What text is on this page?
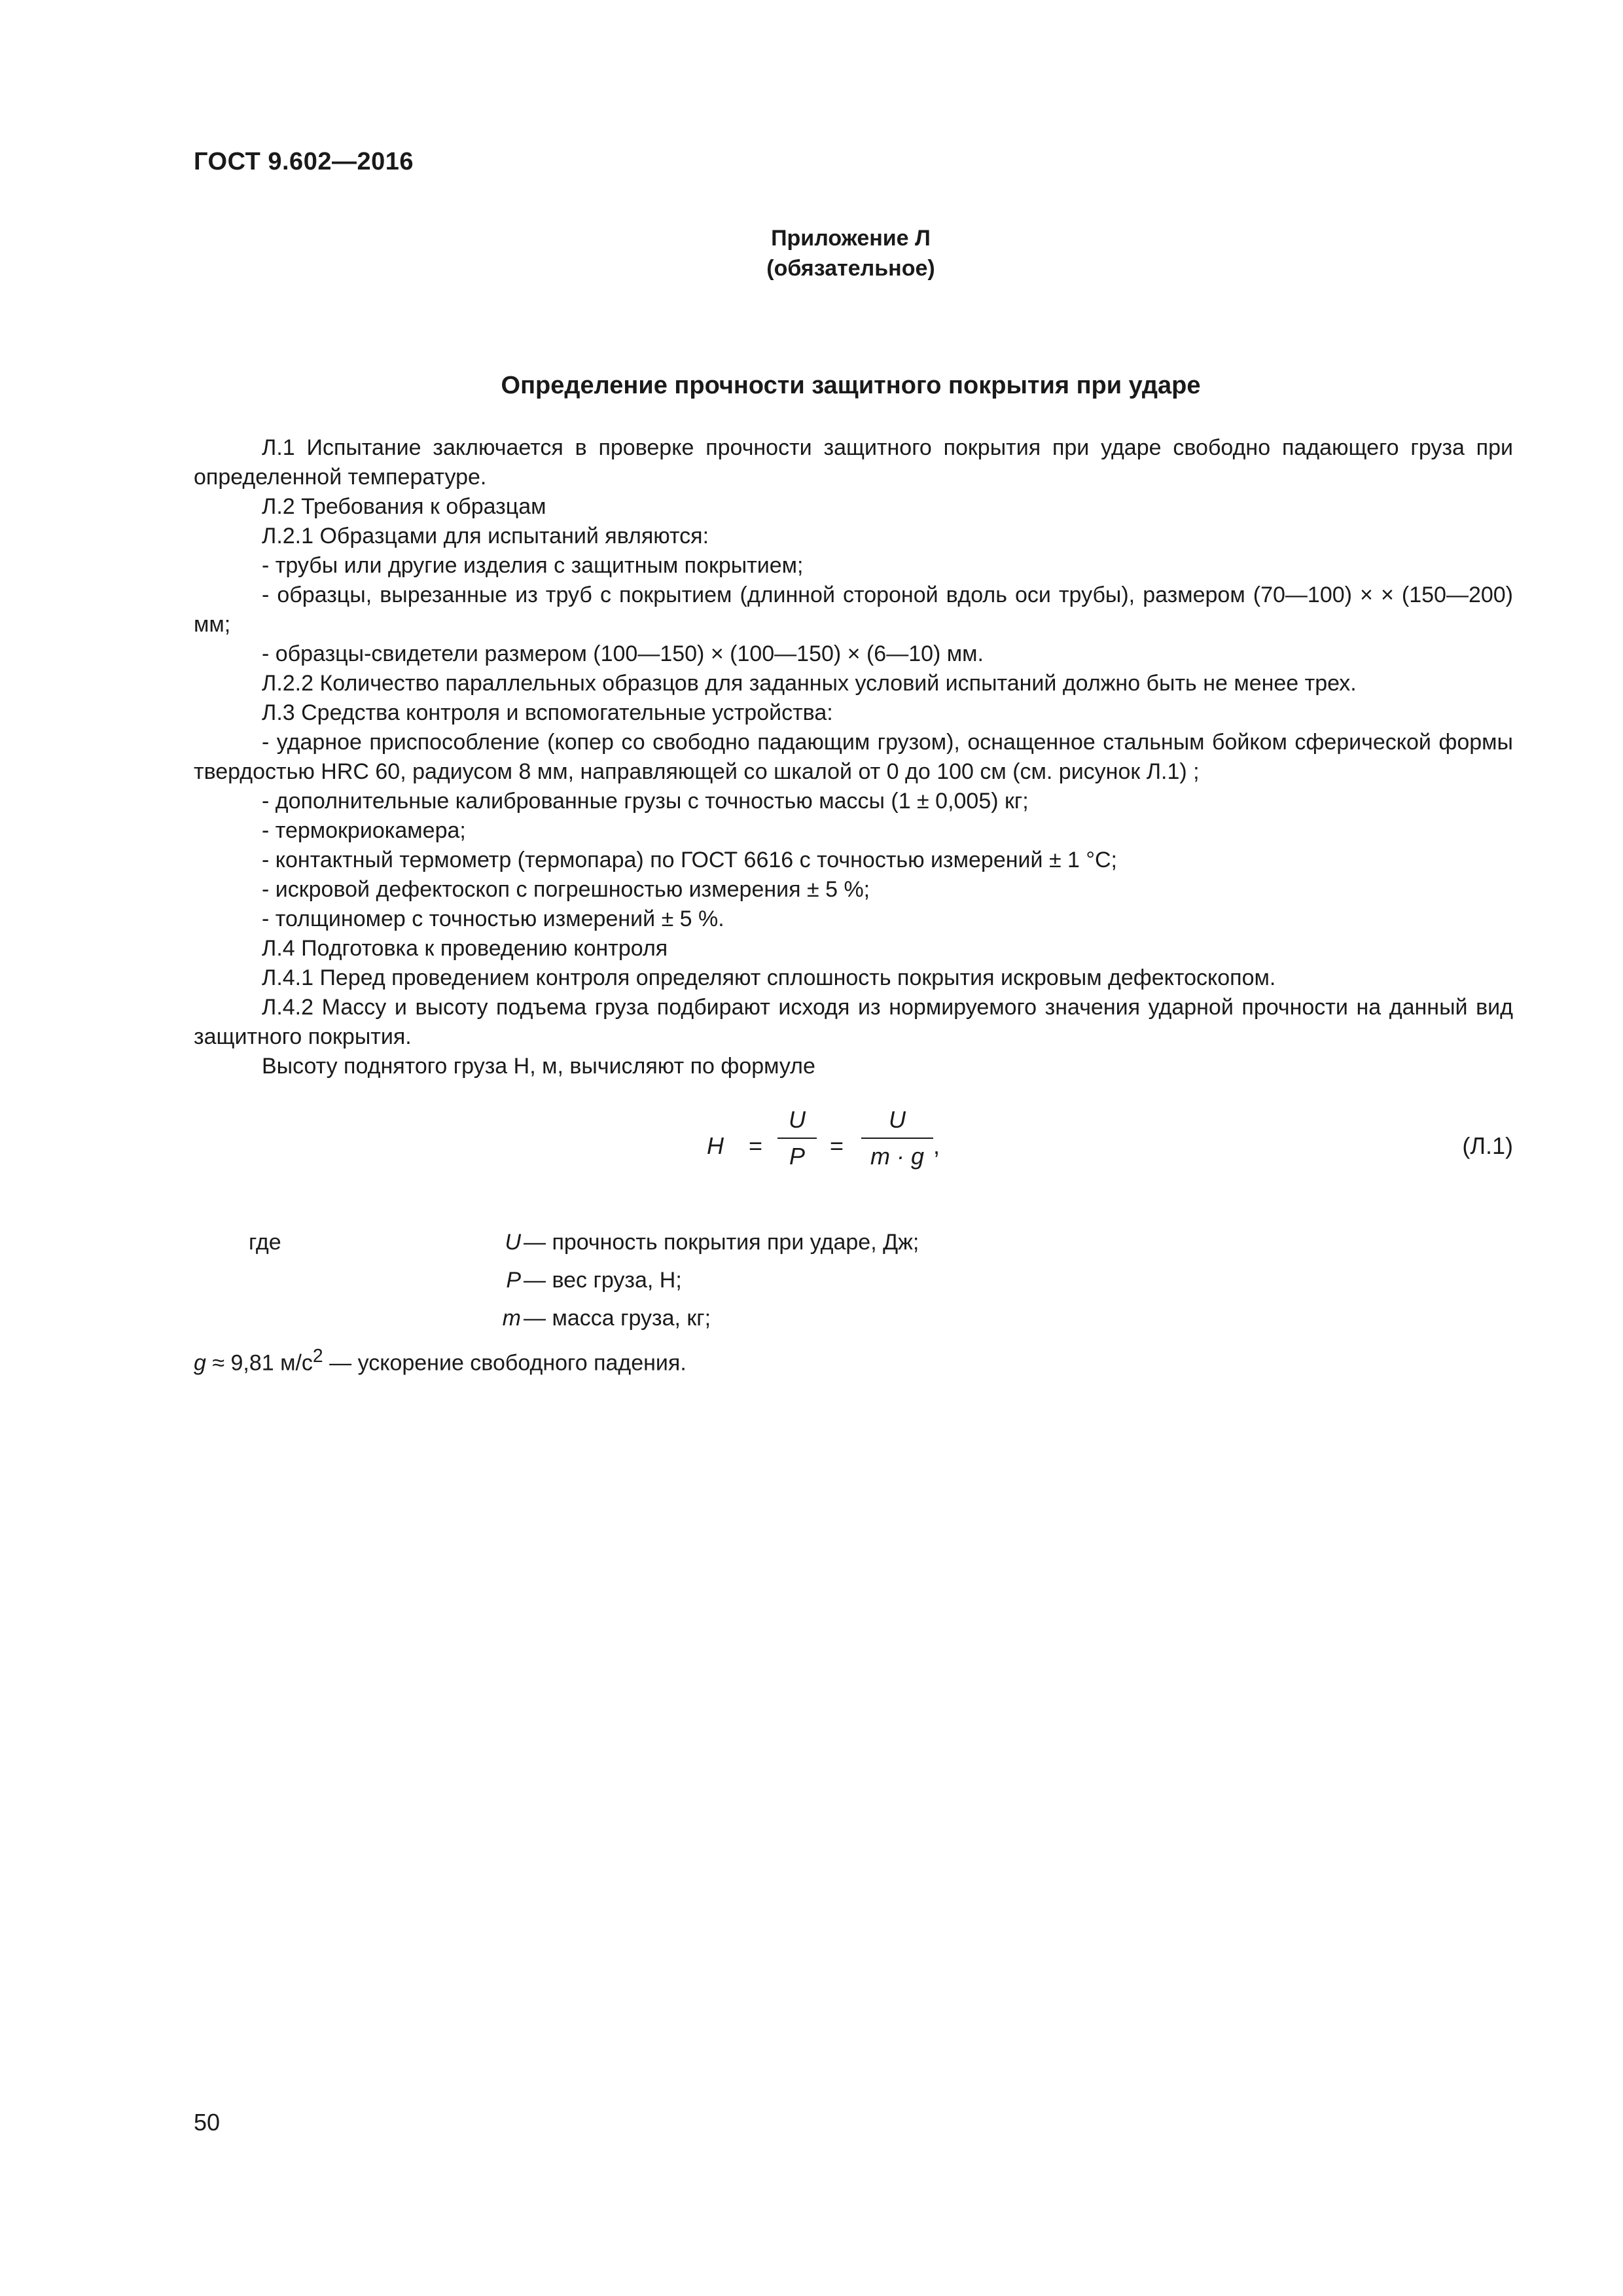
ГОСТ 9.602—2016
Приложение Л
(обязательное)
Определение прочности защитного покрытия при ударе

Л.1 Испытание заключается в проверке прочности защитного покрытия при ударе свободно падающего груза при определенной температуре.

Л.2 Требования к образцам

Л.2.1 Образцами для испытаний являются:

- трубы или другие изделия с защитным покрытием;

- образцы, вырезанные из труб с покрытием (длинной стороной вдоль оси трубы), размером (70—100) × × (150—200) мм;

- образцы-свидетели размером (100—150) × (100—150) × (6—10) мм.

Л.2.2 Количество параллельных образцов для заданных условий испытаний должно быть не менее трех.

Л.3 Средства контроля и вспомогательные устройства:

- ударное приспособление (копер со свободно падающим грузом), оснащенное стальным бойком сферической формы твердостью HRC 60, радиусом 8 мм, направляющей со шкалой от 0 до 100 см (см. рисунок Л.1) ;

- дополнительные калиброванные грузы с точностью массы (1 ± 0,005) кг;

- термокриокамера;

- контактный термометр (термопара) по ГОСТ 6616 с точностью измерений ± 1 °С;

- искровой дефектоскоп с погрешностью измерения ± 5 %;

- толщиномер с точностью измерений ± 5 %.

Л.4 Подготовка к проведению контроля

Л.4.1 Перед проведением контроля определяют сплошность покрытия искровым дефектоскопом.

Л.4.2 Массу и высоту подъема груза подбирают исходя из нормируемого значения ударной прочности на данный вид защитного покрытия.

Высоту поднятого груза Н, м, вычисляют по формуле

H =
U
P	=
U
m · g ,	(Л.1)
где	U — прочность покрытия при ударе, Дж;
P — вес груза, Н;
m — масса груза, кг;
g ≈ 9,81 $м/с^2$ — ускорение свободного падения.
50
